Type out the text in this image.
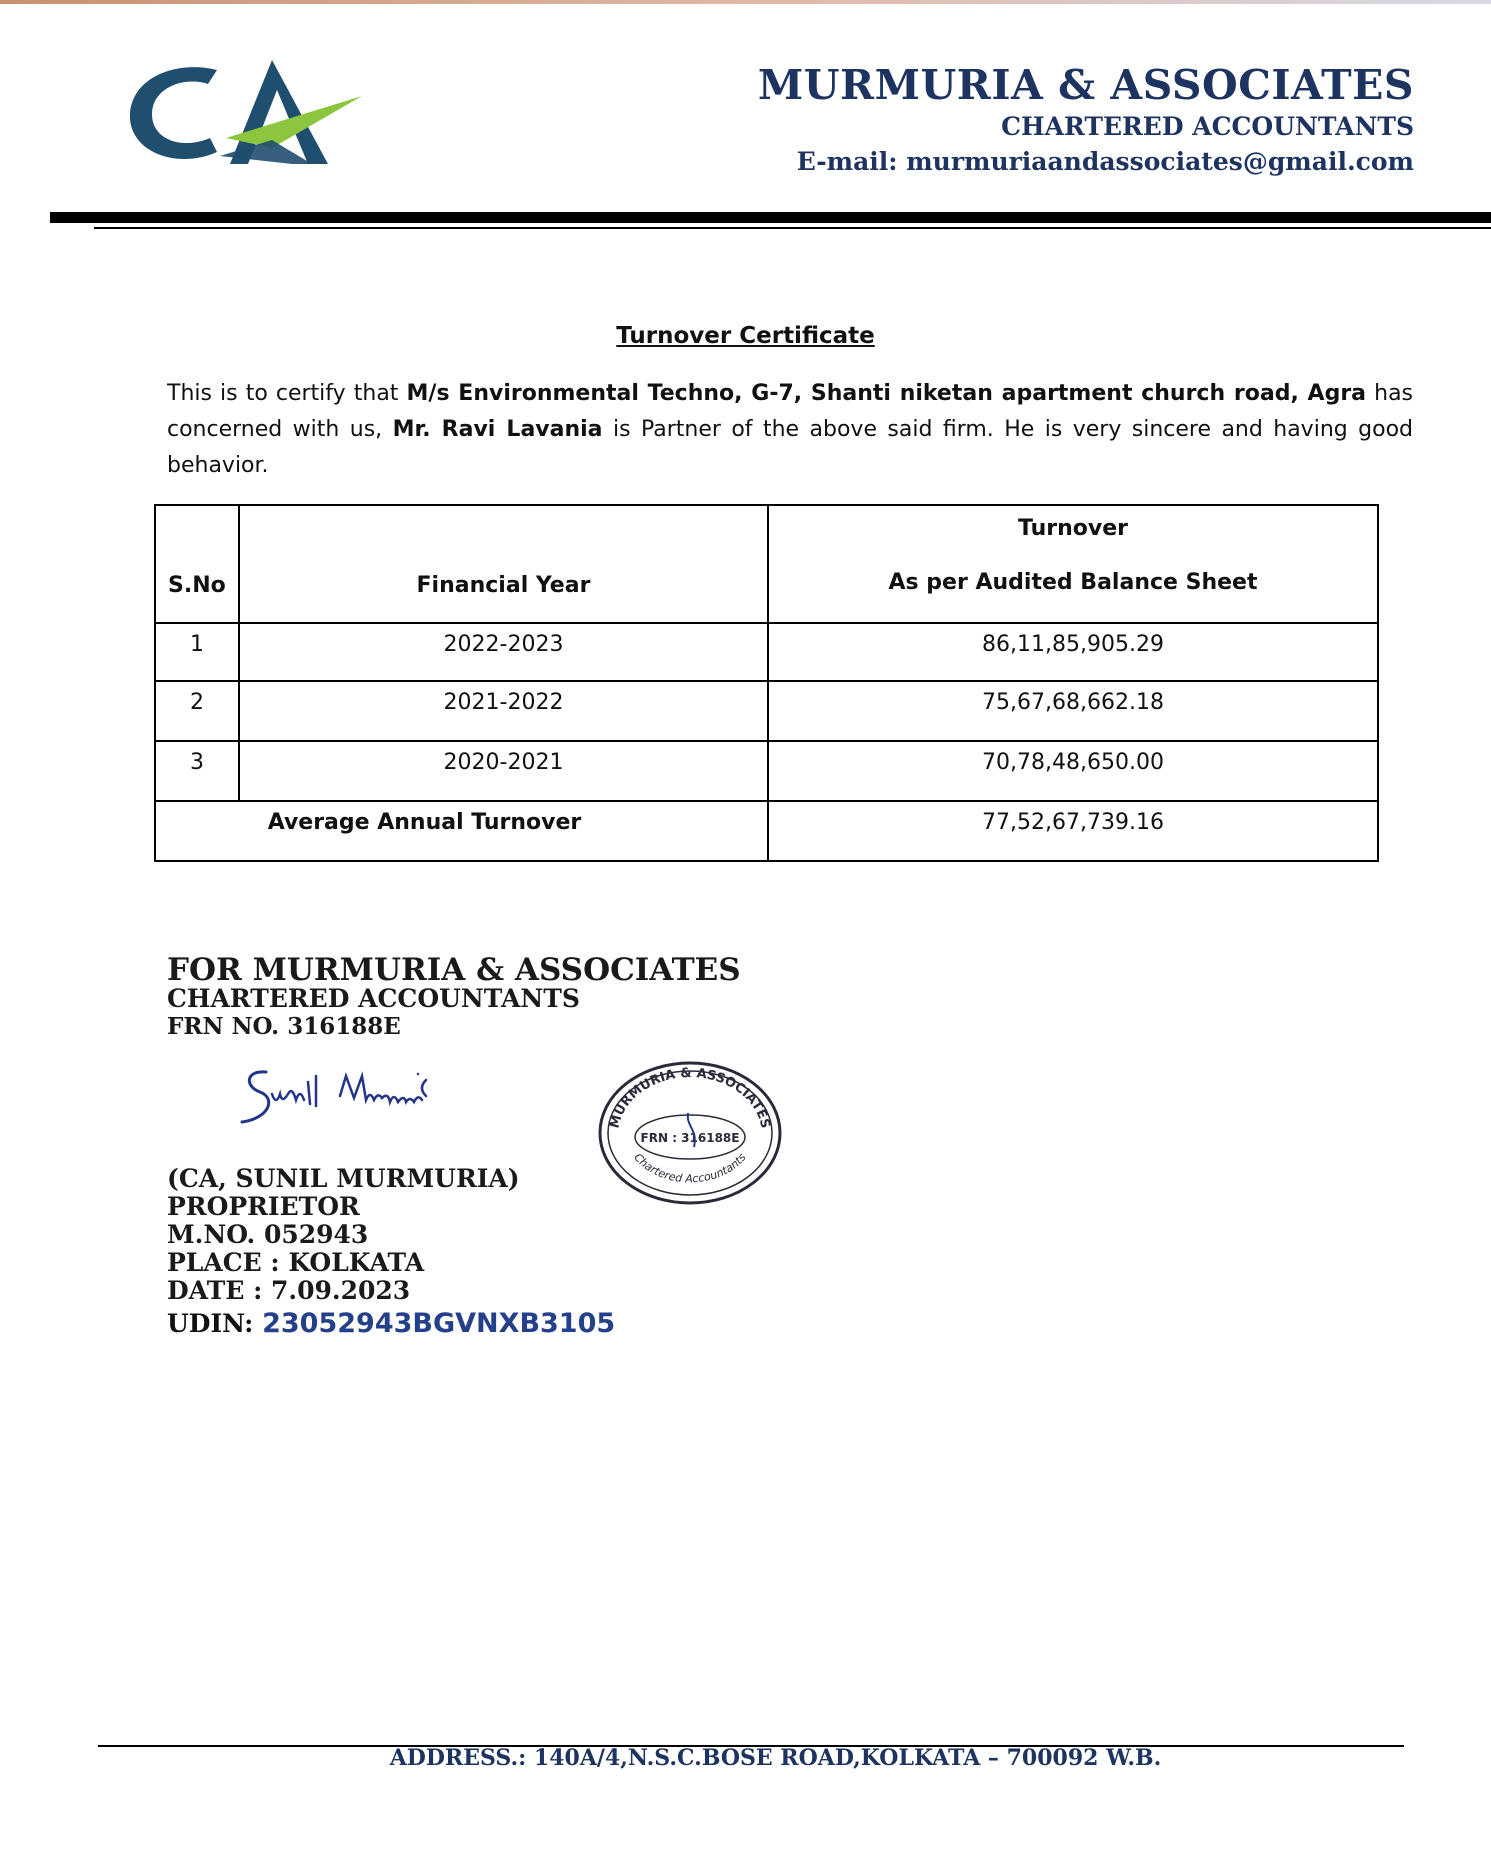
MURMURIA & ASSOCIATES
CHARTERED ACCOUNTANTS
E-mail: murmuriaandassociates@gmail.com
Turnover Certificate
This is to certify that M/s Environmental Techno, G-7, Shanti niketan apartment church road, Agra has concerned with us, Mr. Ravi Lavania is Partner of the above said firm. He is very sincere and having good behavior.
S.No	Financial Year	Turnover
As per Audited Balance Sheet

1	2022-2023	86,11,85,905.29
2	2021-2022	75,67,68,662.18
3	2020-2021	70,78,48,650.00
Average Annual Turnover		77,52,67,739.16
FOR MURMURIA & ASSOCIATES
CHARTERED ACCOUNTANTS
FRN NO. 316188E
MURMURIA & ASSOCIATES
FRN : 316188E
Chartered Accountants
(CA, SUNIL MURMURIA)
PROPRIETOR
M.NO. 052943
PLACE : KOLKATA
DATE : 7.09.2023
UDIN: 23052943BGVNXB3105
ADDRESS.: 140A/4,N.S.C.BOSE ROAD,KOLKATA – 700092 W.B.
